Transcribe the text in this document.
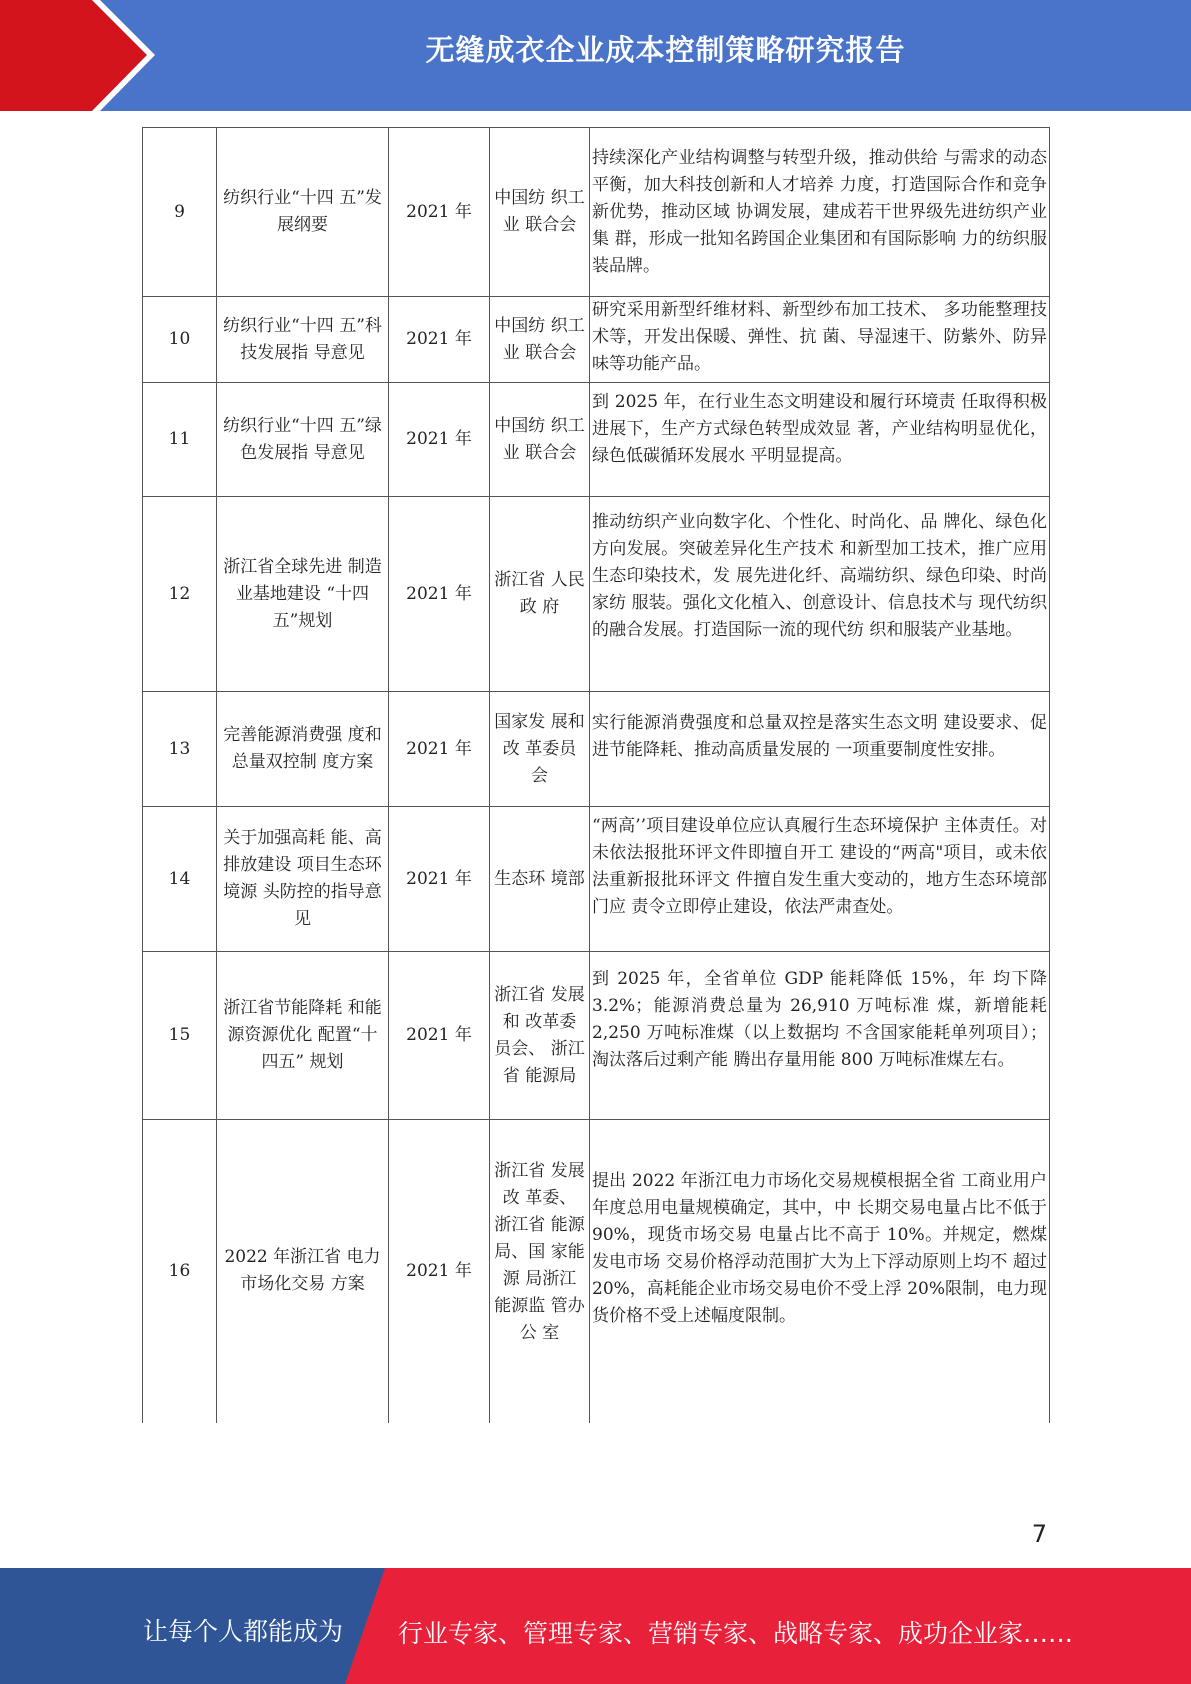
无缝成衣企业成本控制策略研究报告
9	纺织行业“十四 五”发展纲要	2021 年	中国纺 织工业 联合会	持续深化产业结构调整与转型升级，推动供给 与需求的动态平衡，加大科技创新和人才培养 力度，打造国际合作和竞争新优势，推动区域 协调发展，建成若干世界级先进纺织产业集 群，形成一批知名跨国企业集团和有国际影响 力的纺织服装品牌。
10	纺织行业“十四 五”科技发展指 导意见	2021 年	中国纺 织工业 联合会	研究采用新型纤维材料、新型纱布加工技术、 多功能整理技术等，开发出保暖、弹性、抗 菌、导湿速干、防紫外、防异味等功能产品。
11	纺织行业“十四 五”绿色发展指 导意见	2021 年	中国纺 织工业 联合会	到 2025 年，在行业生态文明建设和履行环境责 任取得积极进展下，生产方式绿色转型成效显 著，产业结构明显优化，绿色低碳循环发展水 平明显提高。
12	浙江省全球先进 制造业基地建设 “十四五”规划	2021 年	浙江省 人民政 府	推动纺织产业向数字化、个性化、时尚化、品 牌化、绿色化方向发展。突破差异化生产技术 和新型加工技术，推广应用生态印染技术，发 展先进化纤、高端纺织、绿色印染、时尚家纺 服装。强化文化植入、创意设计、信息技术与 现代纺织的融合发展。打造国际一流的现代纺 织和服装产业基地。
13	完善能源消费强 度和总量双控制 度方案	2021 年	国家发 展和改 革委员 会	实行能源消费强度和总量双控是落实生态文明 建设要求、促进节能降耗、推动高质量发展的 一项重要制度性安排。
14	关于加强高耗 能、高排放建设 项目生态环境源 头防控的指导意 见	2021 年	生态环 境部	“两高’’项目建设单位应认真履行生态环境保护 主体责任。对未依法报批环评文件即擅自开工 建设的“两高"项目，或未依法重新报批环评文 件擅自发生重大变动的，地方生态环境部门应 责令立即停止建设，依法严肃查处。
15	浙江省节能降耗 和能源资源优化 配置“十四五” 规划	2021 年	浙江省 发展和 改革委 员会、 浙江省 能源局	到 2025 年，全省单位 GDP 能耗降低 15%，年 均下降 3.2%；能源消费总量为 26,910 万吨标准 煤，新增能耗 2,250 万吨标准煤（以上数据均 不含国家能耗单列项目）；淘汰落后过剩产能 腾出存量用能 800 万吨标准煤左右。
16	2022 年浙江省 电力市场化交易 方案	2021 年	浙江省 发展改 革委、 浙江省 能源局、国 家能源 局浙江 能源监 管办公 室	提出 2022 年浙江电力市场化交易规模根据全省 工商业用户年度总用电量规模确定，其中，中 长期交易电量占比不低于 90%，现货市场交易 电量占比不高于 10%。并规定，燃煤发电市场 交易价格浮动范围扩大为上下浮动原则上均不 超过 20%，高耗能企业市场交易电价不受上浮 20%限制，电力现货价格不受上述幅度限制。
7
让每个人都能成为 行业专家、管理专家、营销专家、战略专家、成功企业家……
